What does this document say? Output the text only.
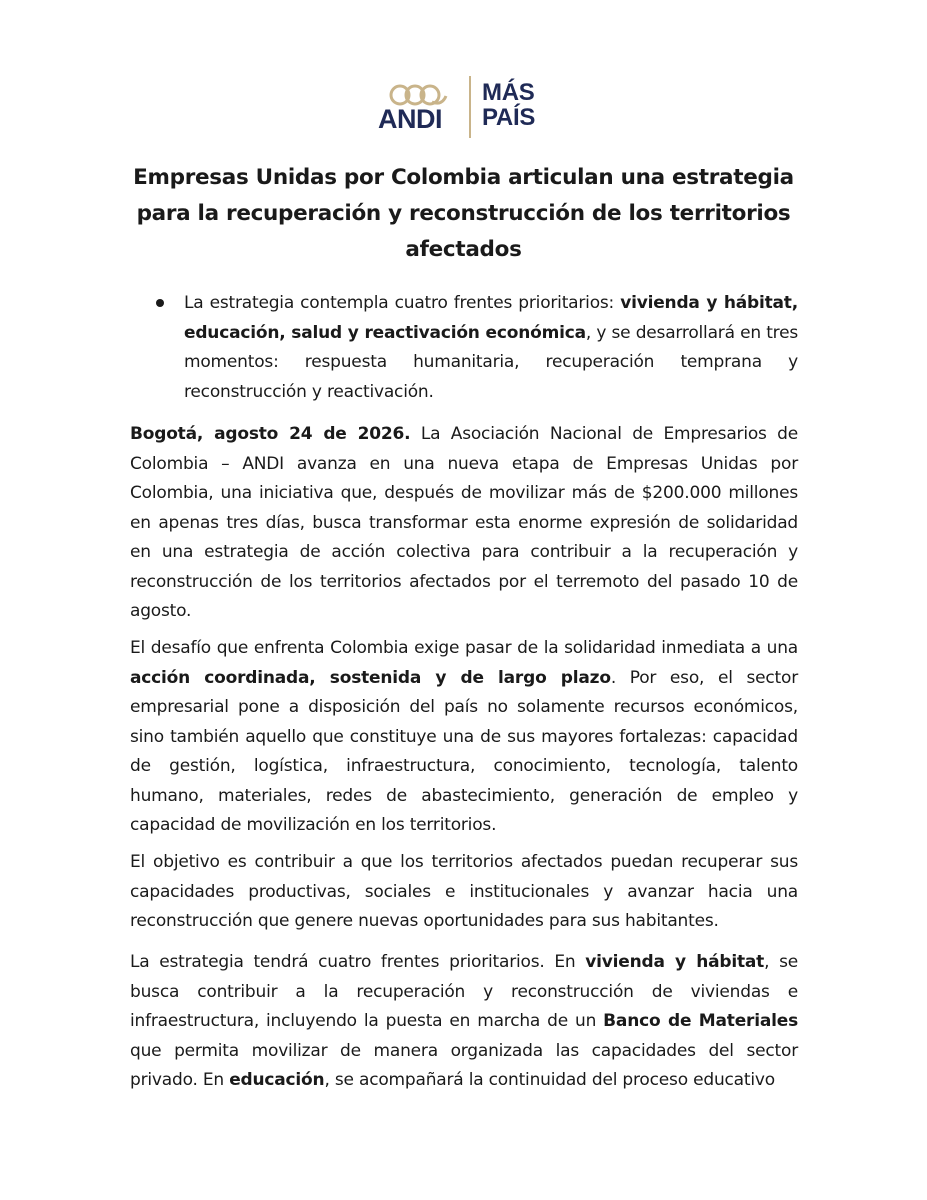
ANDI
MÁS
PAÍS
Empresas Unidas por Colombia articulan una estrategia para la recuperación y reconstrucción de los territorios afectados
La estrategia contempla cuatro frentes prioritarios: vivienda y hábitat, educación, salud y reactivación económica, y se desarrollará en tres momentos: respuesta humanitaria, recuperación temprana y reconstrucción y reactivación.

Bogotá, agosto 24 de 2026. La Asociación Nacional de Empresarios de Colombia – ANDI avanza en una nueva etapa de Empresas Unidas por Colombia, una iniciativa que, después de movilizar más de $200.000 millones en apenas tres días, busca transformar esta enorme expresión de solidaridad en una estrategia de acción colectiva para contribuir a la recuperación y reconstrucción de los territorios afectados por el terremoto del pasado 10 de agosto.

El desafío que enfrenta Colombia exige pasar de la solidaridad inmediata a una acción coordinada, sostenida y de largo plazo. Por eso, el sector empresarial pone a disposición del país no solamente recursos económicos, sino también aquello que constituye una de sus mayores fortalezas: capacidad de gestión, logística, infraestructura, conocimiento, tecnología, talento humano, materiales, redes de abastecimiento, generación de empleo y capacidad de movilización en los territorios.

El objetivo es contribuir a que los territorios afectados puedan recuperar sus capacidades productivas, sociales e institucionales y avanzar hacia una reconstrucción que genere nuevas oportunidades para sus habitantes.

La estrategia tendrá cuatro frentes prioritarios. En vivienda y hábitat, se busca contribuir a la recuperación y reconstrucción de viviendas e infraestructura, incluyendo la puesta en marcha de un Banco de Materiales que permita movilizar de manera organizada las capacidades del sector privado. En educación, se acompañará la continuidad del proceso educativo
